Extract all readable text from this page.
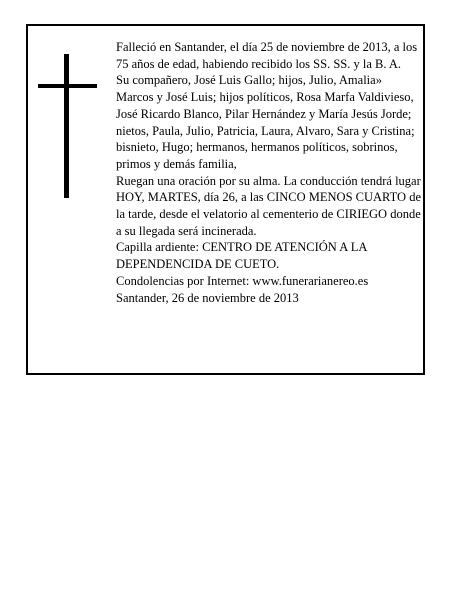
Falleció en Santander, el día 25 de noviembre de 2013, a los 75 años de edad, habiendo recibido los SS. SS. y la B. A.

Su compañero, José Luis Gallo; hijos, Julio, Amalia» Marcos y José Luis; hijos políticos, Rosa Marfa Valdivieso, José Ricardo Blanco, Pilar Hernández y María Jesús Jorde; nietos, Paula, Julio, Patricia, Laura, Alvaro, Sara y Cristina; bisnieto, Hugo; hermanos, hermanos políticos, sobrinos, primos y demás familia,

Ruegan una oración por su alma. La conducción tendrá lugar HOY, MARTES, día 26, a las CINCO MENOS CUARTO de la tarde, desde el velatorio al cementerio de CIRIEGO donde a su llegada será incinerada.

Capilla ardiente: CENTRO DE ATENCIÓN A LA DEPENDENCIDA DE CUETO.

Condolencias por Internet: www.funerarianereo.es

Santander, 26 de noviembre de 2013
